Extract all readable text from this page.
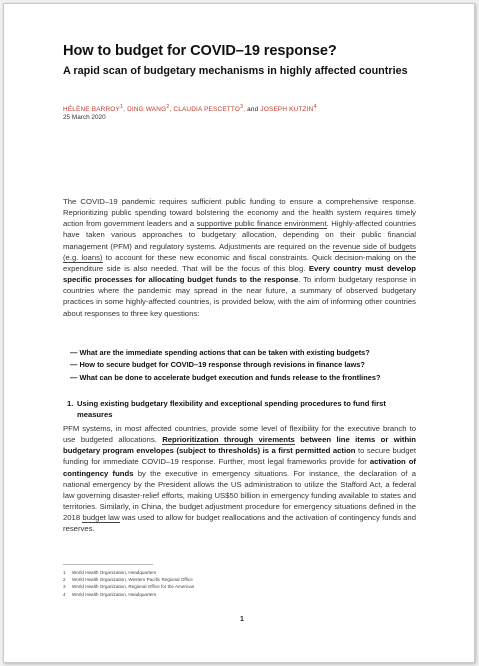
How to budget for COVID–19 response?
A rapid scan of budgetary mechanisms in highly affected countries
HÉLÈNE BARROY$^1$, DING WANG$^2$, CLAUDIA PESCETTO$^3$, and JOSEPH KUTZIN$^4$
25 March 2020

The COVID–19 pandemic requires sufficient public funding to ensure a comprehensive response. Reprioritizing public spending toward bolstering the economy and the health system requires timely action from government leaders and a supportive public finance environment. Highly-affected countries have taken various approaches to budgetary allocation, depending on their public financial management (PFM) and regulatory systems. Adjustments are required on the revenue side of budgets (e.g. loans) to account for these new economic and fiscal constraints. Quick decision-making on the expenditure side is also needed. That will be the focus of this blog. Every country must develop specific processes for allocating budget funds to the response. To inform budgetary response in countries where the pandemic may spread in the near future, a summary of observed budgetary practices in some highly-affected countries, is provided below, with the aim of informing other countries about responses to three key questions:

— What are the immediate spending actions that can be taken with existing budgets?
— How to secure budget for COVID–19 response through revisions in finance laws?
— What can be done to accelerate budget execution and funds release to the frontlines?
1. Using existing budgetary flexibility and exceptional spending procedures to fund first
measures

PFM systems, in most affected countries, provide some level of flexibility for the executive branch to use budgeted allocations. Reprioritization through virements between line items or within budgetary program envelopes (subject to thresholds) is a first permitted action to secure budget funding for immediate COVID–19 response. Further, most legal frameworks provide for activation of contingency funds by the executive in emergency situations. For instance, the declaration of a national emergency by the President allows the US administration to utilize the Stafford Act, a federal law governing disaster-relief efforts, making US$50 billion in emergency funding available to states and territories. Similarly, in China, the budget adjustment procedure for emergency situations defined in the 2018 budget law was used to allow for budget reallocations and the activation of contingency funds and reserves.

1 World Health Organization, Headquarters
2 World Health Organization, Western Pacific Regional Office
3 World Health Organization, Regional Office for the Americas
4 World Health Organization, Headquarters
1
